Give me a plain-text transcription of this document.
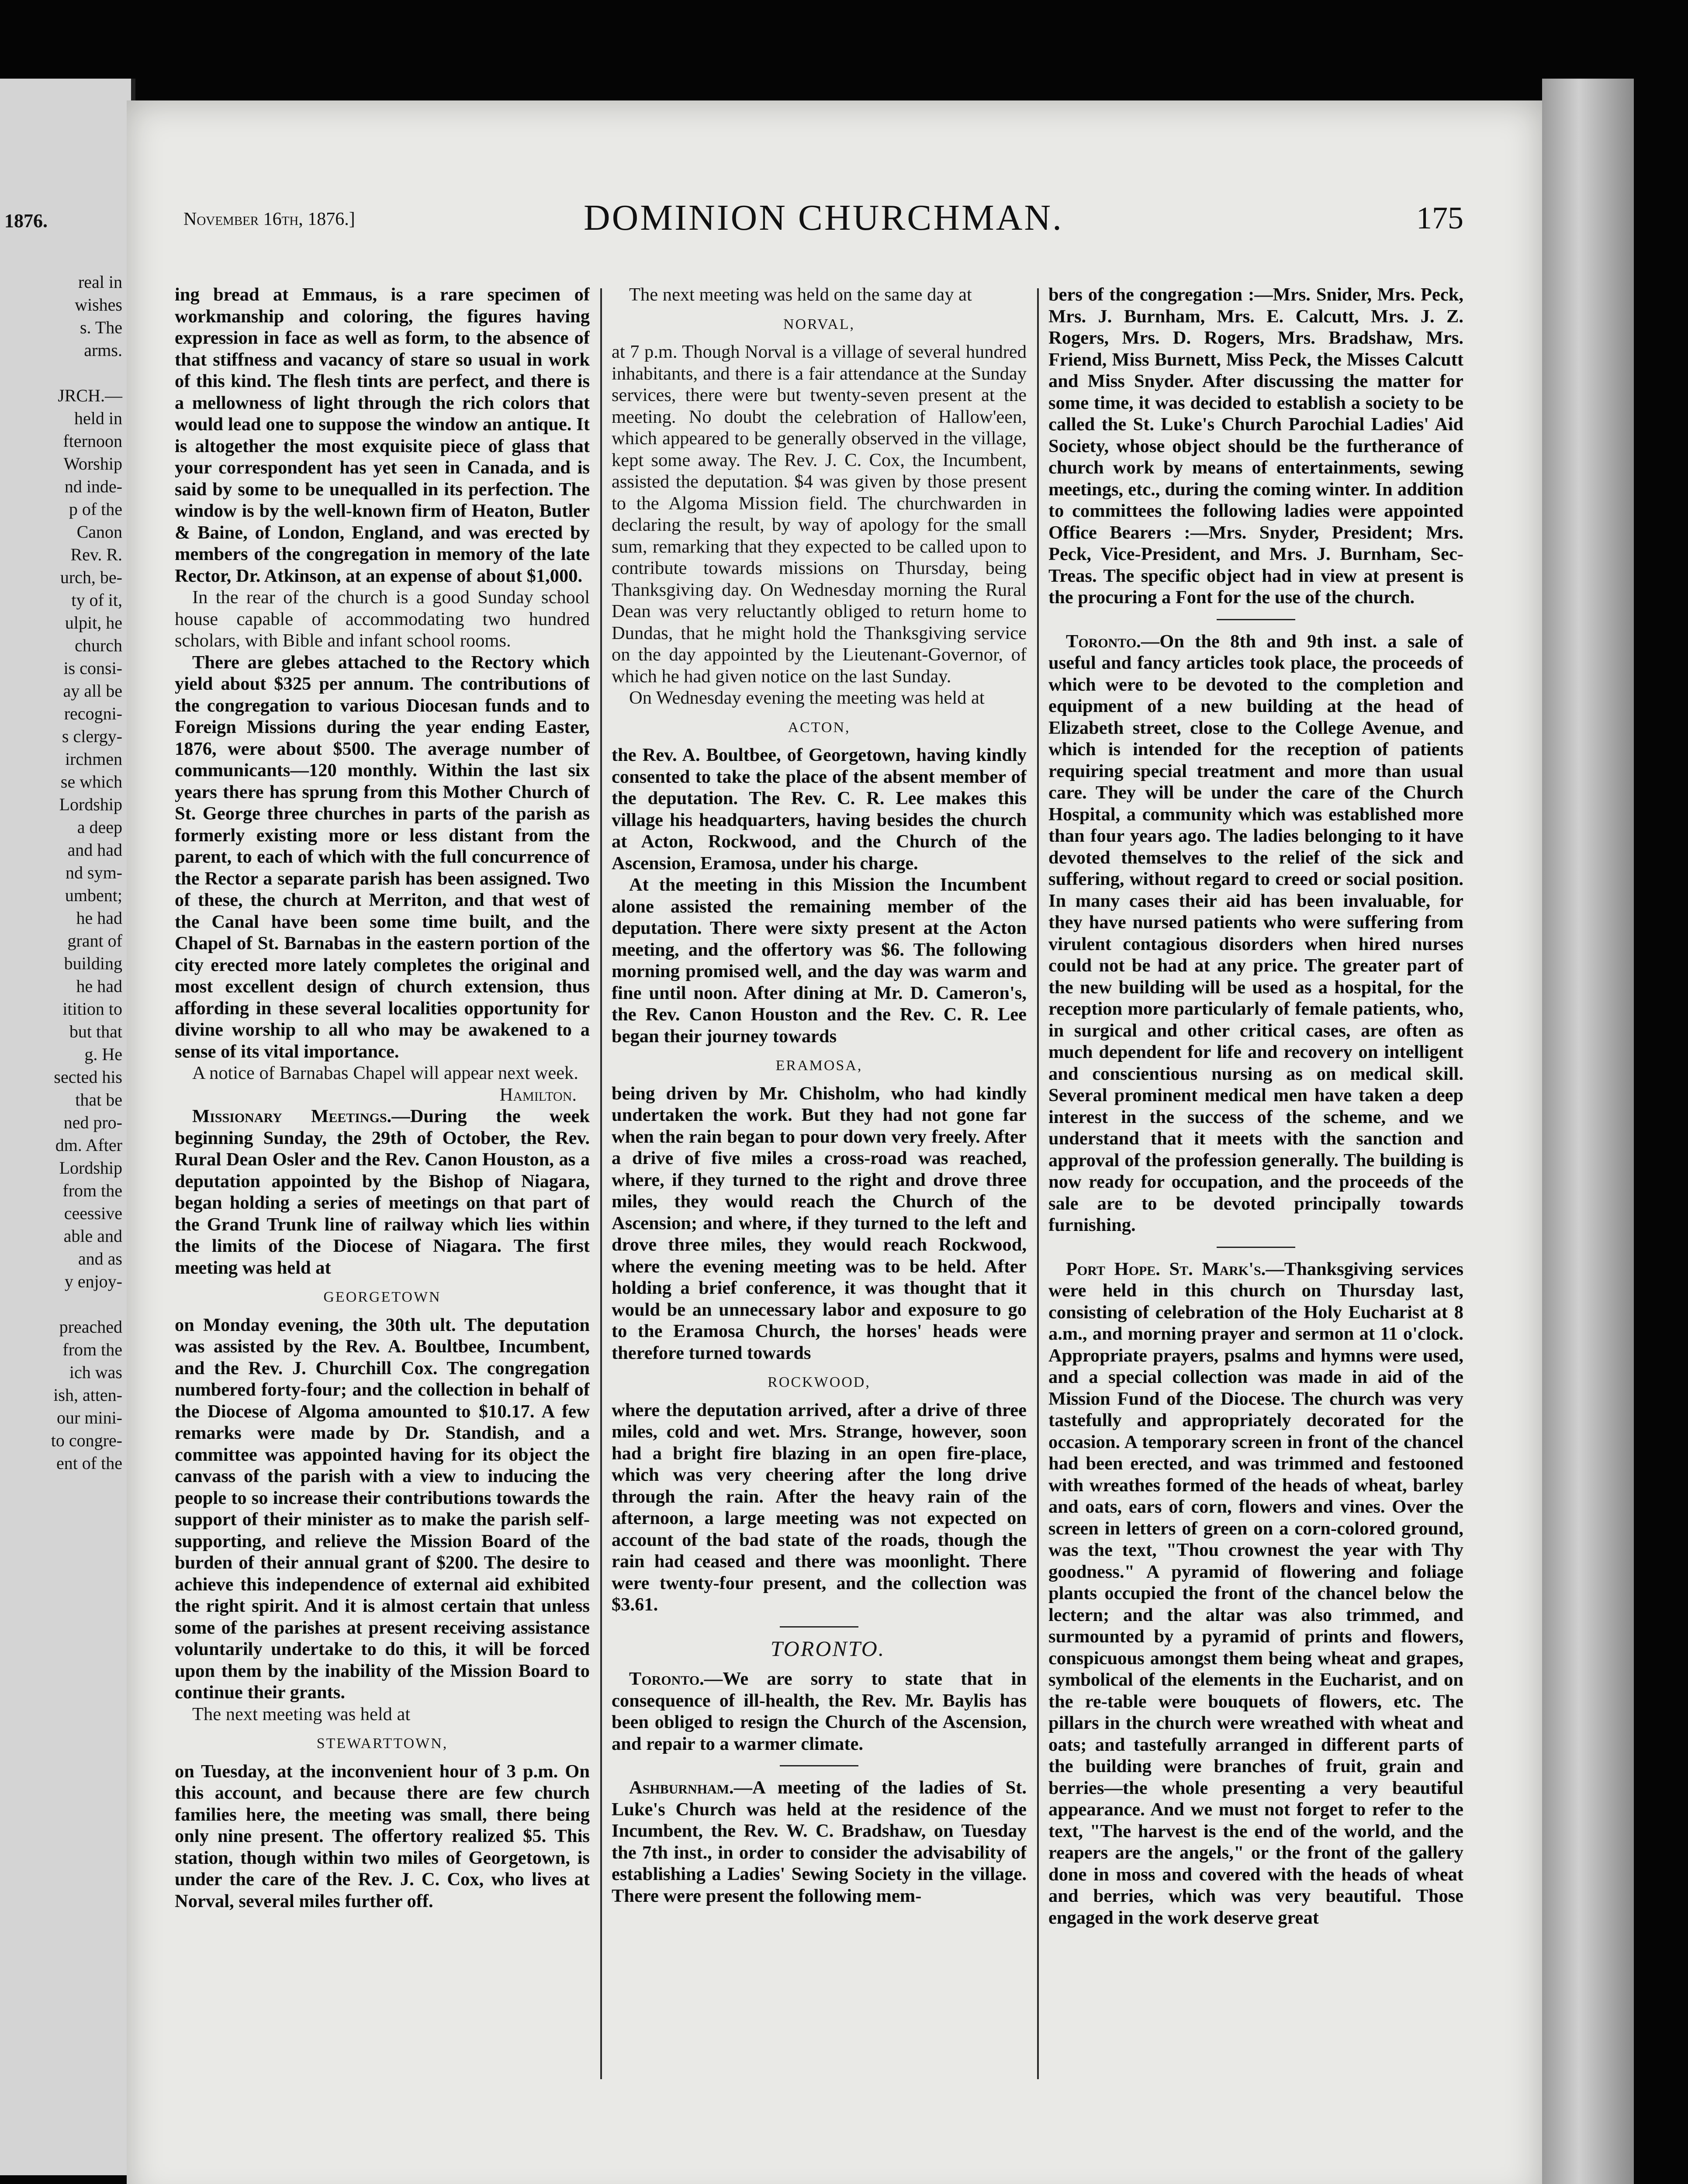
1876.
real in
wishes
s. The
arms.

JRCH.—
held in
fternoon
Worship
nd inde-
p of the
Canon
Rev. R.
urch, be-
ty of it,
ulpit, he
church
is consi-
ay all be
recogni-
s clergy-
irchmen
se which
Lordship
a deep
and had
nd sym-
umbent;
he had
grant of
building
he had
itition to
but that
g. He
sected his
that be
ned pro-
dm. After
Lordship
from the
ceessive
able and
and as
y enjoy-

preached
from the
ich was
ish, atten-
our mini-
to congre-
ent of the
November 16th, 1876.]	DOMINION CHURCHMAN.	175

ing bread at Emmaus, is a rare specimen of workmanship and coloring, the figures having expression in face as well as form, to the absence of that stiffness and vacancy of stare so usual in work of this kind. The flesh tints are perfect, and there is a mellowness of light through the rich colors that would lead one to suppose the window an antique. It is altogether the most exquisite piece of glass that your correspondent has yet seen in Canada, and is said by some to be unequalled in its perfection. The window is by the well-known firm of Heaton, Butler & Baine, of London, England, and was erected by members of the congregation in memory of the late Rector, Dr. Atkinson, at an expense of about $1,000.

In the rear of the church is a good Sunday school house capable of accommodating two hundred scholars, with Bible and infant school rooms.

There are glebes attached to the Rectory which yield about $325 per annum. The contributions of the congregation to various Diocesan funds and to Foreign Missions during the year ending Easter, 1876, were about $500. The average number of communicants—120 monthly. Within the last six years there has sprung from this Mother Church of St. George three churches in parts of the parish as formerly existing more or less distant from the parent, to each of which with the full concurrence of the Rector a separate parish has been assigned. Two of these, the church at Merriton, and that west of the Canal have been some time built, and the Chapel of St. Barnabas in the eastern portion of the city erected more lately completes the original and most excellent design of church extension, thus affording in these several localities opportunity for divine worship to all who may be awakened to a sense of its vital importance.

A notice of Barnabas Chapel will appear next week.

Hamilton.

Missionary Meetings.—During the week beginning Sunday, the 29th of October, the Rev. Rural Dean Osler and the Rev. Canon Houston, as a deputation appointed by the Bishop of Niagara, began holding a series of meetings on that part of the Grand Trunk line of railway which lies within the limits of the Diocese of Niagara. The first meeting was held at

GEORGETOWN

on Monday evening, the 30th ult. The deputation was assisted by the Rev. A. Boultbee, Incumbent, and the Rev. J. Churchill Cox. The congregation numbered forty-four; and the collection in behalf of the Diocese of Algoma amounted to $10.17. A few remarks were made by Dr. Standish, and a committee was appointed having for its object the canvass of the parish with a view to inducing the people to so increase their contributions towards the support of their minister as to make the parish self-supporting, and relieve the Mission Board of the burden of their annual grant of $200. The desire to achieve this independence of external aid exhibited the right spirit. And it is almost certain that unless some of the parishes at present receiving assistance voluntarily undertake to do this, it will be forced upon them by the inability of the Mission Board to continue their grants.

The next meeting was held at

STEWARTTOWN,

on Tuesday, at the inconvenient hour of 3 p.m. On this account, and because there are few church families here, the meeting was small, there being only nine present. The offertory realized $5. This station, though within two miles of Georgetown, is under the care of the Rev. J. C. Cox, who lives at Norval, several miles further off.

The next meeting was held on the same day at

NORVAL,

at 7 p.m. Though Norval is a village of several hundred inhabitants, and there is a fair attendance at the Sunday services, there were but twenty-seven present at the meeting. No doubt the celebration of Hallow'een, which appeared to be generally observed in the village, kept some away. The Rev. J. C. Cox, the Incumbent, assisted the deputation. $4 was given by those present to the Algoma Mission field. The churchwarden in declaring the result, by way of apology for the small sum, remarking that they expected to be called upon to contribute towards missions on Thursday, being Thanksgiving day. On Wednesday morning the Rural Dean was very reluctantly obliged to return home to Dundas, that he might hold the Thanksgiving service on the day appointed by the Lieutenant-Governor, of which he had given notice on the last Sunday.

On Wednesday evening the meeting was held at

ACTON,

the Rev. A. Boultbee, of Georgetown, having kindly consented to take the place of the absent member of the deputation. The Rev. C. R. Lee makes this village his headquarters, having besides the church at Acton, Rockwood, and the Church of the Ascension, Eramosa, under his charge.

At the meeting in this Mission the Incumbent alone assisted the remaining member of the deputation. There were sixty present at the Acton meeting, and the offertory was $6. The following morning promised well, and the day was warm and fine until noon. After dining at Mr. D. Cameron's, the Rev. Canon Houston and the Rev. C. R. Lee began their journey towards

ERAMOSA,

being driven by Mr. Chisholm, who had kindly undertaken the work. But they had not gone far when the rain began to pour down very freely. After a drive of five miles a cross-road was reached, where, if they turned to the right and drove three miles, they would reach the Church of the Ascension; and where, if they turned to the left and drove three miles, they would reach Rockwood, where the evening meeting was to be held. After holding a brief conference, it was thought that it would be an unnecessary labor and exposure to go to the Eramosa Church, the horses' heads were therefore turned towards

ROCKWOOD,

where the deputation arrived, after a drive of three miles, cold and wet. Mrs. Strange, however, soon had a bright fire blazing in an open fire-place, which was very cheering after the long drive through the rain. After the heavy rain of the afternoon, a large meeting was not expected on account of the bad state of the roads, though the rain had ceased and there was moonlight. There were twenty-four present, and the collection was $3.61.

TORONTO.

Toronto.—We are sorry to state that in consequence of ill-health, the Rev. Mr. Baylis has been obliged to resign the Church of the Ascension, and repair to a warmer climate.

Ashburnham.—A meeting of the ladies of St. Luke's Church was held at the residence of the Incumbent, the Rev. W. C. Bradshaw, on Tuesday the 7th inst., in order to consider the advisability of establishing a Ladies' Sewing Society in the village. There were present the following mem-

bers of the congregation :—Mrs. Snider, Mrs. Peck, Mrs. J. Burnham, Mrs. E. Calcutt, Mrs. J. Z. Rogers, Mrs. D. Rogers, Mrs. Bradshaw, Mrs. Friend, Miss Burnett, Miss Peck, the Misses Calcutt and Miss Snyder. After discussing the matter for some time, it was decided to establish a society to be called the St. Luke's Church Parochial Ladies' Aid Society, whose object should be the furtherance of church work by means of entertainments, sewing meetings, etc., during the coming winter. In addition to committees the following ladies were appointed Office Bearers :—Mrs. Snyder, President; Mrs. Peck, Vice-President, and Mrs. J. Burnham, Sec-Treas. The specific object had in view at present is the procuring a Font for the use of the church.

Toronto.—On the 8th and 9th inst. a sale of useful and fancy articles took place, the proceeds of which were to be devoted to the completion and equipment of a new building at the head of Elizabeth street, close to the College Avenue, and which is intended for the reception of patients requiring special treatment and more than usual care. They will be under the care of the Church Hospital, a community which was established more than four years ago. The ladies belonging to it have devoted themselves to the relief of the sick and suffering, without regard to creed or social position. In many cases their aid has been invaluable, for they have nursed patients who were suffering from virulent contagious disorders when hired nurses could not be had at any price. The greater part of the new building will be used as a hospital, for the reception more particularly of female patients, who, in surgical and other critical cases, are often as much dependent for life and recovery on intelligent and conscientious nursing as on medical skill. Several prominent medical men have taken a deep interest in the success of the scheme, and we understand that it meets with the sanction and approval of the profession generally. The building is now ready for occupation, and the proceeds of the sale are to be devoted principally towards furnishing.

Port Hope. St. Mark's.—Thanksgiving services were held in this church on Thursday last, consisting of celebration of the Holy Eucharist at 8 a.m., and morning prayer and sermon at 11 o'clock. Appropriate prayers, psalms and hymns were used, and a special collection was made in aid of the Mission Fund of the Diocese. The church was very tastefully and appropriately decorated for the occasion. A temporary screen in front of the chancel had been erected, and was trimmed and festooned with wreathes formed of the heads of wheat, barley and oats, ears of corn, flowers and vines. Over the screen in letters of green on a corn-colored ground, was the text, "Thou crownest the year with Thy goodness." A pyramid of flowering and foliage plants occupied the front of the chancel below the lectern; and the altar was also trimmed, and surmounted by a pyramid of prints and flowers, conspicuous amongst them being wheat and grapes, symbolical of the elements in the Eucharist, and on the re-table were bouquets of flowers, etc. The pillars in the church were wreathed with wheat and oats; and tastefully arranged in different parts of the building were branches of fruit, grain and berries—the whole presenting a very beautiful appearance. And we must not forget to refer to the text, "The harvest is the end of the world, and the reapers are the angels," or the front of the gallery done in moss and covered with the heads of wheat and berries, which was very beautiful. Those engaged in the work deserve great
